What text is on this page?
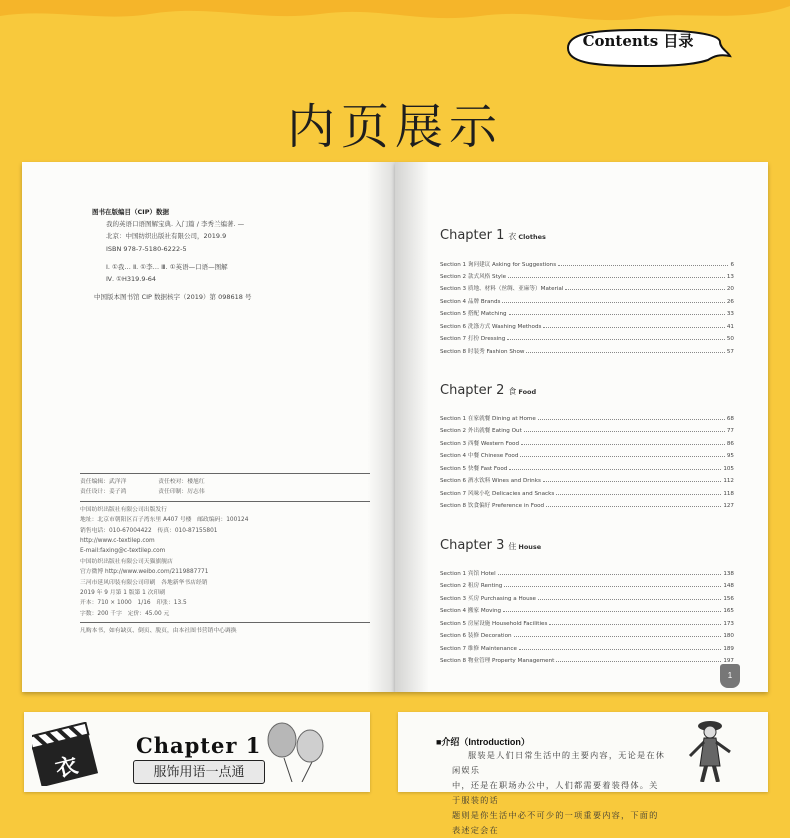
内页展示
图书在版编目（CIP）数据
我的英语口语图解宝典. 入门篇 / 李秀兰编著. —
北京：中国纺织出版社有限公司，2019.9
ISBN 978-7-5180-6222-5
Ⅰ. ①我… Ⅱ. ①李… Ⅲ. ①英语—口语—图解
Ⅳ. ①H319.9-64
中国版本图书馆 CIP 数据核字（2019）第 098618 号
责任编辑：武洋洋	责任校对：楼旭红
责任设计：姜子鸿	责任印制：厉志伟
中国纺织出版社有限公司出版发行
地址：北京市朝阳区百子湾东里 A407 号楼　邮政编码：100124
销售电话：010-67004422　传真：010-87155801
http://www.c-textilep.com
E-mail:faxing@c-textilep.com
中国纺织出版社有限公司天猫旗舰店
官方微博 http://www.weibo.com/2119887771
三河市延风印装有限公司印刷　各地新华书店经销
2019 年 9 月第 1 版第 1 次印刷
开本：710 × 1000　1/16　印张：13.5
字数：200 千字　定价：45.00 元
凡购本书，如有缺页、倒页、脱页，由本社图书营销中心调换
Contents 目录
Chapter 1 衣 Clothes
Section 1 询问建议 Asking for Suggestions	6
Section 2 款式风格 Style	13
Section 3 质地、材料（丝绸、亚麻等）Material	20
Section 4 品牌 Brands	26
Section 5 搭配 Matching	33
Section 6 洗涤方式 Washing Methods	41
Section 7 打扮 Dressing	50
Section 8 时装秀 Fashion Show	57
Chapter 2 食 Food
Section 1 在家就餐 Dining at Home	68
Section 2 外出就餐 Eating Out	77
Section 3 西餐 Western Food	86
Section 4 中餐 Chinese Food	95
Section 5 快餐 Fast Food	105
Section 6 酒水饮料 Wines and Drinks	112
Section 7 风味小吃 Delicacies and Snacks	118
Section 8 饮食偏好 Preference in Food	127
Chapter 3 住 House
Section 1 宾馆 Hotel	138
Section 2 租房 Renting	148
Section 3 买房 Purchasing a House	156
Section 4 搬家 Moving	165
Section 5 房屋设施 Household Facilities	173
Section 6 装修 Decoration	180
Section 7 维修 Maintenance	189
Section 8 物业管理 Property Management	197
1
衣
Chapter 1
服饰用语一点通
■介绍（Introduction）
服装是人们日常生活中的主要内容，无论是在休闲娱乐
中，还是在职场办公中，人们都需要着装得体。关于服装的话
题则是你生活中必不可少的一项重要内容，下面的表述定会在
